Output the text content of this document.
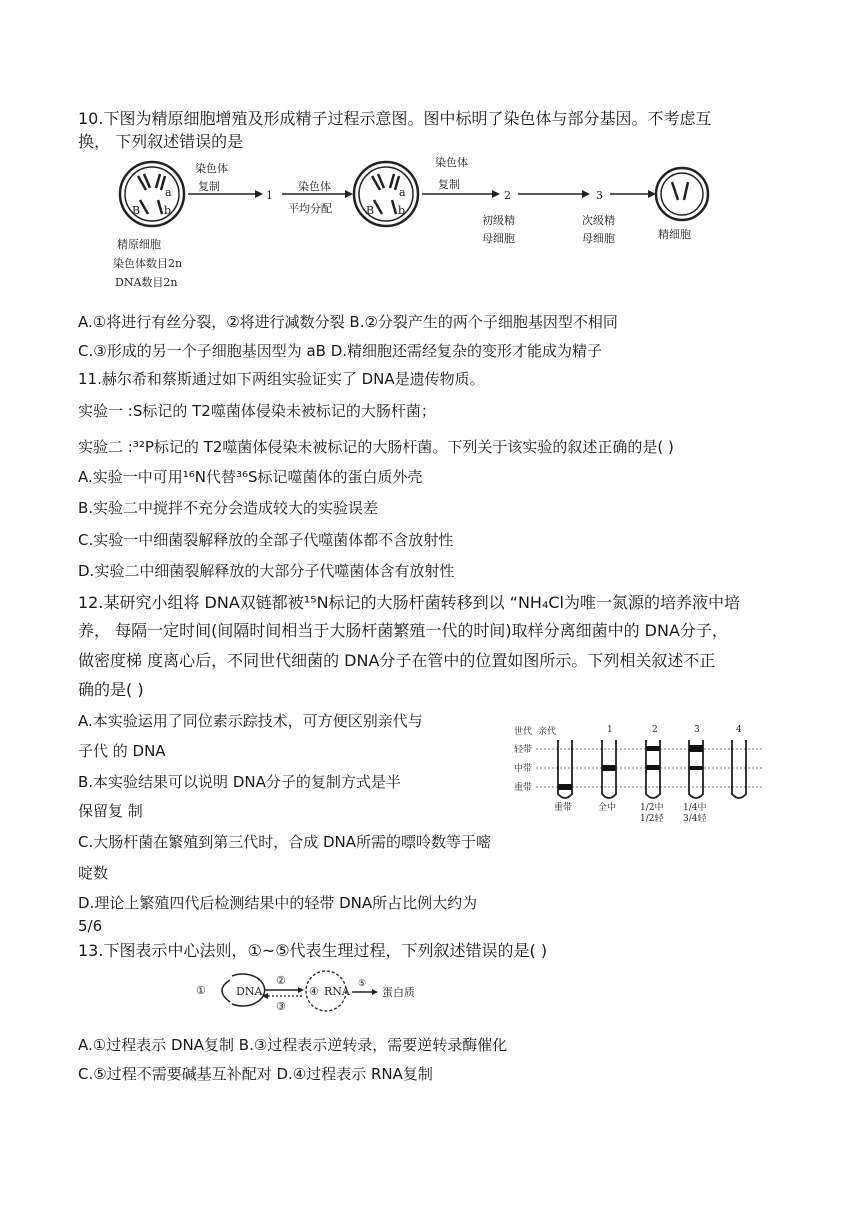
10.下图为精原细胞增殖及形成精子过程示意图。图中标明了染色体与部分基因。不考虑互
换， 下列叙述错误的是
a
B b
精原细胞
染色体数目2n
DNA数目2n
染色体
复制
1
染色体
平均分配
a
B b
染色体
复制
2
初级精
母细胞
3
次级精
母细胞	精细胞
A.①将进行有丝分裂，②将进行减数分裂 B.②分裂产生的两个子细胞基因型不相同
C.③形成的另一个子细胞基因型为 aB D.精细胞还需经复杂的变形才能成为精子
11.赫尔希和蔡斯通过如下两组实验证实了 DNA是遗传物质。
实验一 :S标记的 T2噬菌体侵染未被标记的大肠杆菌；
实验二 :³²P标记的 T2噬菌体侵染未被标记的大肠杆菌。下列关于该实验的叙述正确的是( )
A.实验一中可用¹⁶N代替³⁶S标记噬菌体的蛋白质外壳
B.实验二中搅拌不充分会造成较大的实验误差
C.实验一中细菌裂解释放的全部子代噬菌体都不含放射性
D.实验二中细菌裂解释放的大部分子代噬菌体含有放射性
12.某研究小组将 DNA双链都被¹⁵N标记的大肠杆菌转移到以 “NH₄Cl为唯一氮源的培养液中培
养， 每隔一定时间(间隔时间相当于大肠杆菌繁殖一代的时间)取样分离细菌中的 DNA分子，
做密度梯 度离心后，不同世代细菌的 DNA分子在管中的位置如图所示。下列相关叙述不正
确的是( )
A.本实验运用了同位素示踪技术，可方便区别亲代与
子代 的 DNA
B.本实验结果可以说明 DNA分子的复制方式是半
保留复 制
C.大肠杆菌在繁殖到第三代时，合成 DNA所需的嘌呤数等于嘧
啶数
D.理论上繁殖四代后检测结果中的轻带 DNA所占比例大约为
5/6
世代 亲代	1	2	3	4
轻带
中带
重带
重带	全中	1/2中
1/2轻
1/4中
3/4轻
13.下图表示中心法则，①~⑤代表生理过程，下列叙述错误的是( )
①	DNA
②
③
④ RNA
⑤
蛋白质
A.①过程表示 DNA复制 B.③过程表示逆转录，需要逆转录酶催化
C.⑤过程不需要碱基互补配对 D.④过程表示 RNA复制
